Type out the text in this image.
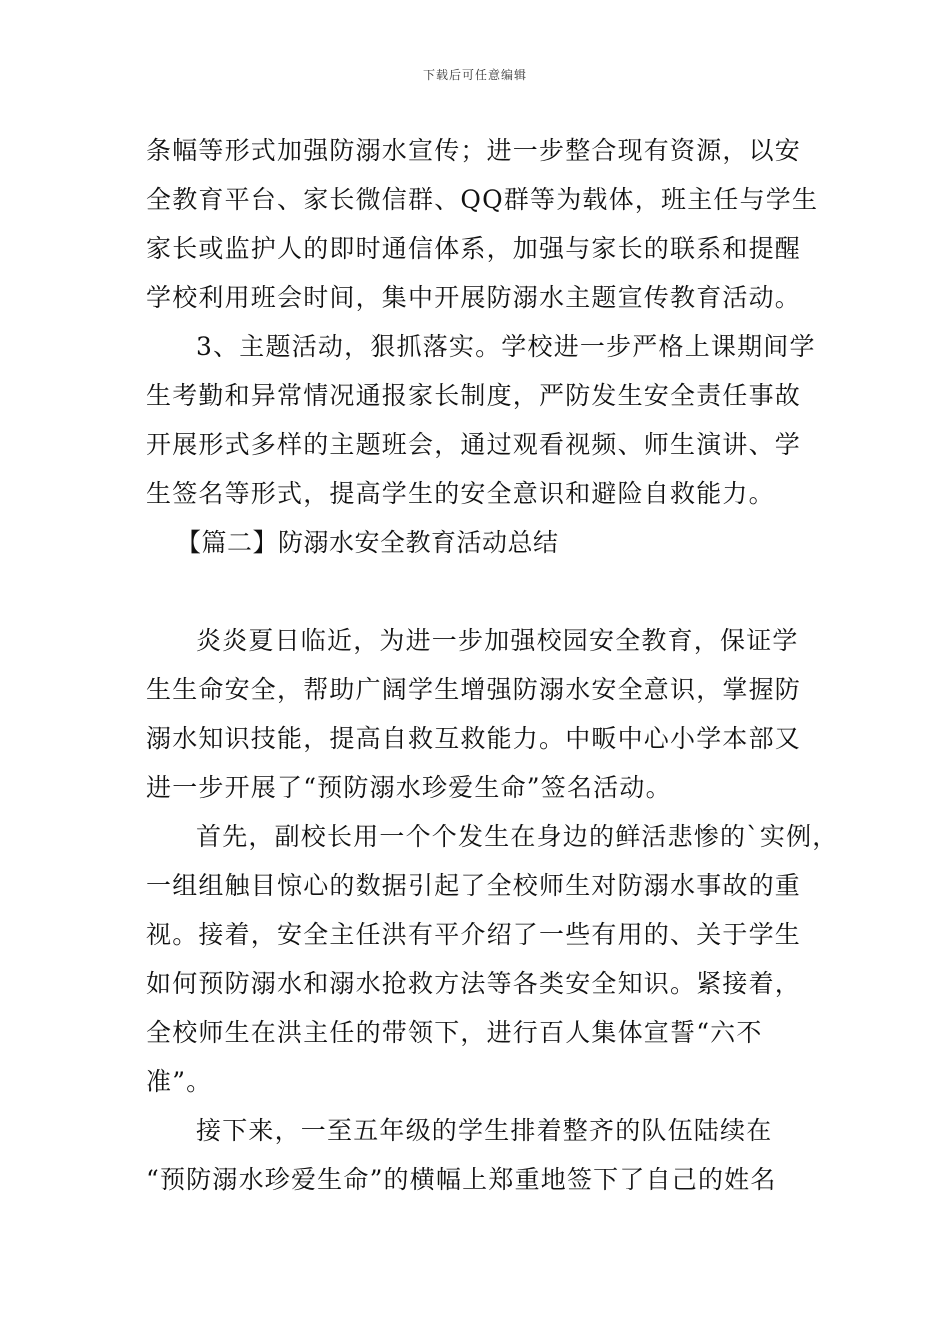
下载后可任意编辑
条幅等形式加强防溺水宣传；进一步整合现有资源，以安
全教育平台、家长微信群、QQ群等为载体，班主任与学生
家长或监护人的即时通信体系，加强与家长的联系和提醒
学校利用班会时间，集中开展防溺水主题宣传教育活动。
3、主题活动，狠抓落实。学校进一步严格上课期间学
生考勤和异常情况通报家长制度，严防发生安全责任事故
开展形式多样的主题班会，通过观看视频、师生演讲、学
生签名等形式，提高学生的安全意识和避险自救能力。
【篇二】防溺水安全教育活动总结
炎炎夏日临近，为进一步加强校园安全教育，保证学
生生命安全，帮助广阔学生增强防溺水安全意识，掌握防
溺水知识技能，提高自救互救能力。中畈中心小学本部又
进一步开展了“预防溺水珍爱生命”签名活动。
首先，副校长用一个个发生在身边的鲜活悲惨的`实例，
一组组触目惊心的数据引起了全校师生对防溺水事故的重
视。接着，安全主任洪有平介绍了一些有用的、关于学生
如何预防溺水和溺水抢救方法等各类安全知识。紧接着，
全校师生在洪主任的带领下，进行百人集体宣誓“六不
准”。
接下来，一至五年级的学生排着整齐的队伍陆续在
“预防溺水珍爱生命”的横幅上郑重地签下了自己的姓名
